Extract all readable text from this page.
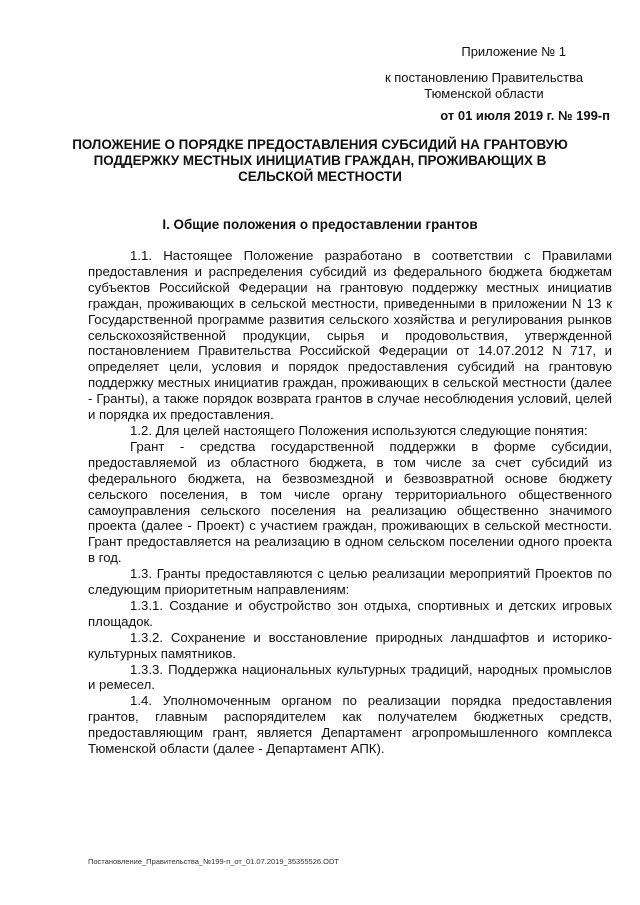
Приложение № 1
к постановлению Правительства Тюменской области
от 01 июля 2019 г. № 199-п
ПОЛОЖЕНИЕ О ПОРЯДКЕ ПРЕДОСТАВЛЕНИЯ СУБСИДИЙ НА ГРАНТОВУЮ ПОДДЕРЖКУ МЕСТНЫХ ИНИЦИАТИВ ГРАЖДАН, ПРОЖИВАЮЩИХ В СЕЛЬСКОЙ МЕСТНОСТИ
I. Общие положения о предоставлении грантов

1.1. Настоящее Положение разработано в соответствии с Правилами предоставления и распределения субсидий из федерального бюджета бюджетам субъектов Российской Федерации на грантовую поддержку местных инициатив граждан, проживающих в сельской местности, приведенными в приложении N 13 к Государственной программе развития сельского хозяйства и регулирования рынков сельскохозяйственной продукции, сырья и продовольствия, утвержденной постановлением Правительства Российской Федерации от 14.07.2012 N 717, и определяет цели, условия и порядок предоставления субсидий на грантовую поддержку местных инициатив граждан, проживающих в сельской местности (далее - Гранты), а также порядок возврата грантов в случае несоблюдения условий, целей и порядка их предоставления.

1.2. Для целей настоящего Положения используются следующие понятия:

Грант - средства государственной поддержки в форме субсидии, предоставляемой из областного бюджета, в том числе за счет субсидий из федерального бюджета, на безвозмездной и безвозвратной основе бюджету сельского поселения, в том числе органу территориального общественного самоуправления сельского поселения на реализацию общественно значимого проекта (далее - Проект) с участием граждан, проживающих в сельской местности. Грант предоставляется на реализацию в одном сельском поселении одного проекта в год.

1.3. Гранты предоставляются с целью реализации мероприятий Проектов по следующим приоритетным направлениям:

1.3.1. Создание и обустройство зон отдыха, спортивных и детских игровых площадок.

1.3.2. Сохранение и восстановление природных ландшафтов и историко-культурных памятников.

1.3.3. Поддержка национальных культурных традиций, народных промыслов и ремесел.

1.4. Уполномоченным органом по реализации порядка предоставления грантов, главным распорядителем как получателем бюджетных средств, предоставляющим грант, является Департамент агропромышленного комплекса Тюменской области (далее - Департамент АПК).

Постановление_Правительства_№199-п_от_01.07.2019_35355526.ODT
